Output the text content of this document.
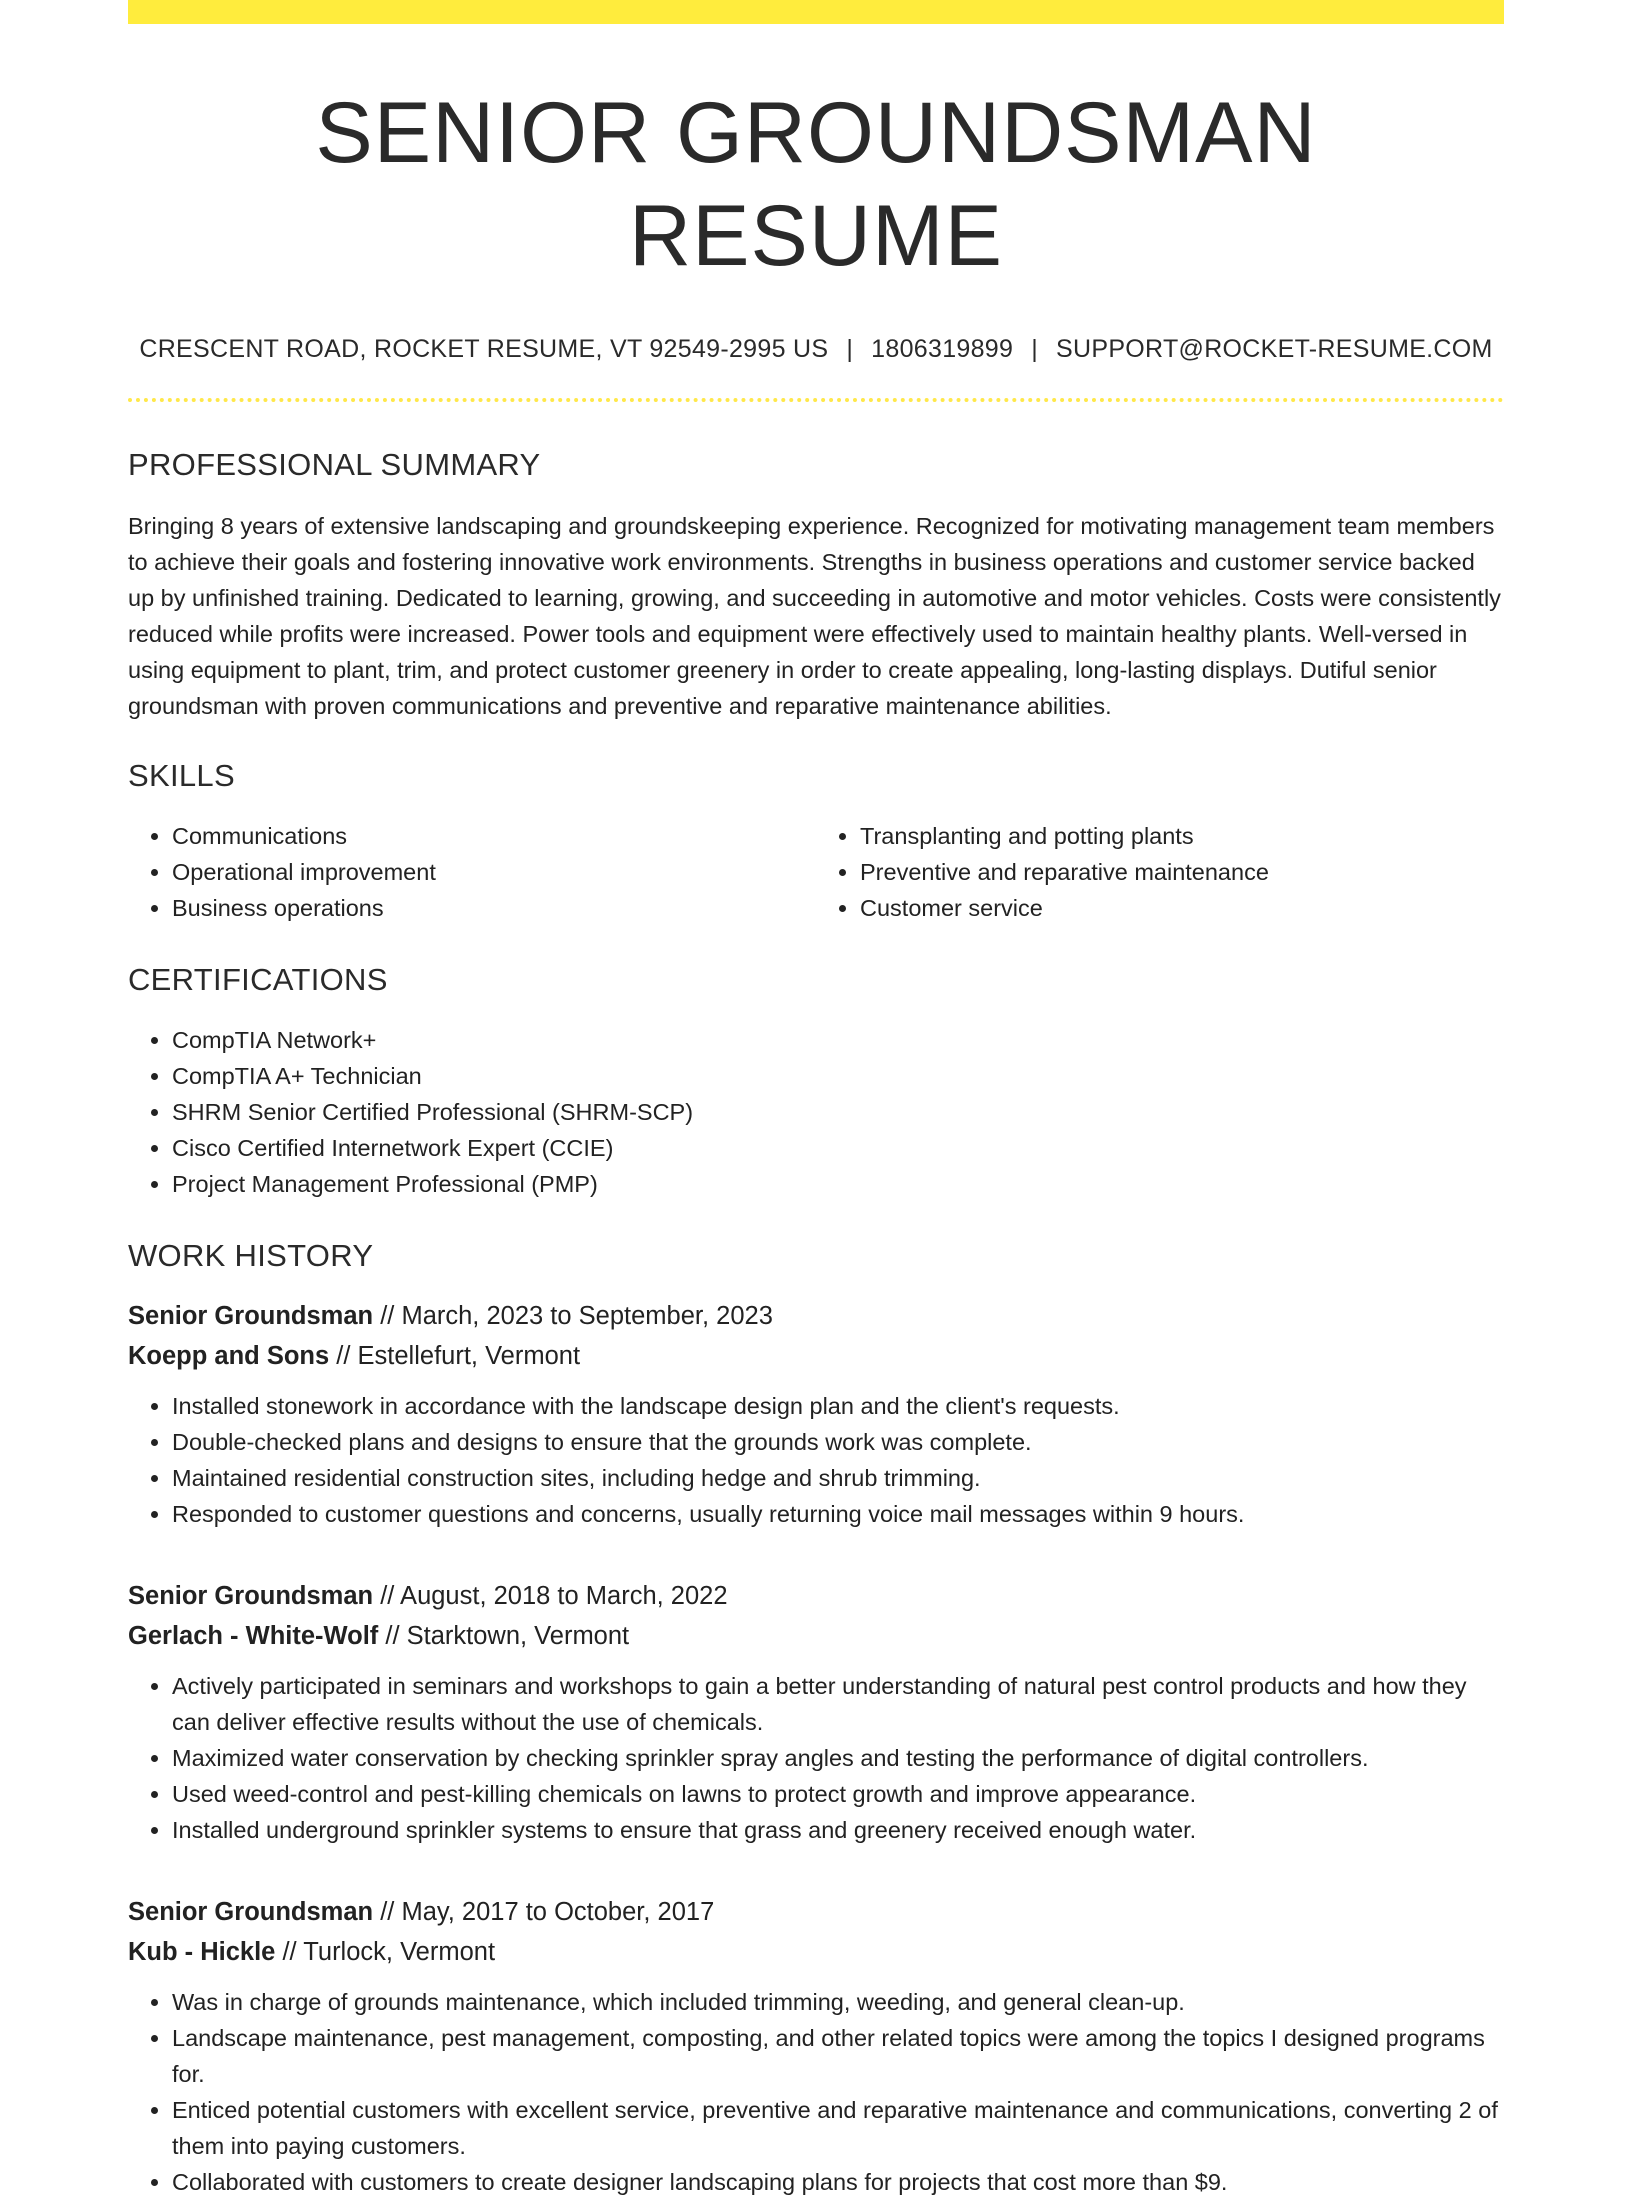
SENIOR GROUNDSMAN RESUME
CRESCENT ROAD, ROCKET RESUME, VT 92549-2995 US | 1806319899 | SUPPORT@ROCKET-RESUME.COM
PROFESSIONAL SUMMARY

Bringing 8 years of extensive landscaping and groundskeeping experience. Recognized for motivating management team members to achieve their goals and fostering innovative work environments. Strengths in business operations and customer service backed up by unfinished training. Dedicated to learning, growing, and succeeding in automotive and motor vehicles. Costs were consistently reduced while profits were increased. Power tools and equipment were effectively used to maintain healthy plants. Well-versed in using equipment to plant, trim, and protect customer greenery in order to create appealing, long-lasting displays. Dutiful senior groundsman with proven communications and preventive and reparative maintenance abilities.

SKILLS
• Communications
• Operational improvement
• Business operations
• Transplanting and potting plants
• Preventive and reparative maintenance
• Customer service
CERTIFICATIONS
• CompTIA Network+
• CompTIA A+ Technician
• SHRM Senior Certified Professional (SHRM-SCP)
• Cisco Certified Internetwork Expert (CCIE)
• Project Management Professional (PMP)
WORK HISTORY
Senior Groundsman // March, 2023 to September, 2023
Koepp and Sons // Estellefurt, Vermont
• Installed stonework in accordance with the landscape design plan and the client's requests.
• Double-checked plans and designs to ensure that the grounds work was complete.
• Maintained residential construction sites, including hedge and shrub trimming.
• Responded to customer questions and concerns, usually returning voice mail messages within 9 hours.
Senior Groundsman // August, 2018 to March, 2022
Gerlach - White-Wolf // Starktown, Vermont
• Actively participated in seminars and workshops to gain a better understanding of natural pest control products and how they can deliver effective results without the use of chemicals.
• Maximized water conservation by checking sprinkler spray angles and testing the performance of digital controllers.
• Used weed-control and pest-killing chemicals on lawns to protect growth and improve appearance.
• Installed underground sprinkler systems to ensure that grass and greenery received enough water.
Senior Groundsman // May, 2017 to October, 2017
Kub - Hickle // Turlock, Vermont
• Was in charge of grounds maintenance, which included trimming, weeding, and general clean-up.
• Landscape maintenance, pest management, composting, and other related topics were among the topics I designed programs for.
• Enticed potential customers with excellent service, preventive and reparative maintenance and communications, converting 2 of them into paying customers.
• Collaborated with customers to create designer landscaping plans for projects that cost more than $9.
